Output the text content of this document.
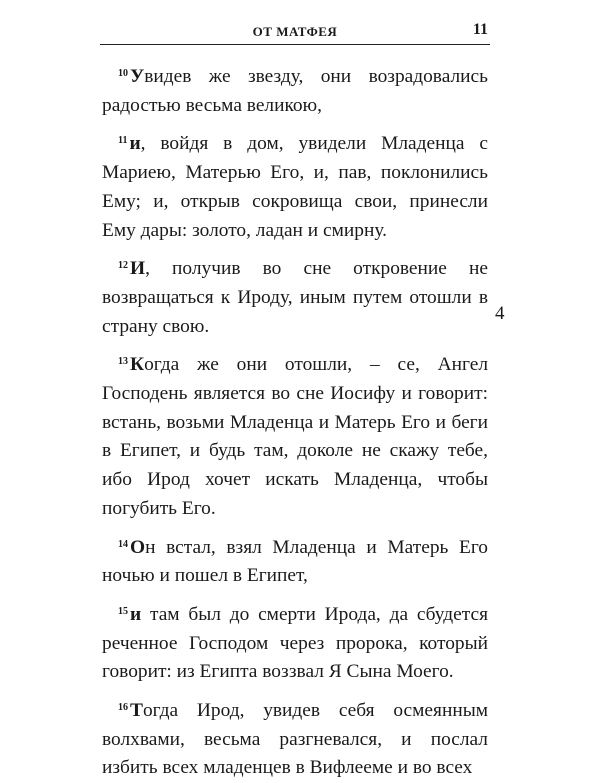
ОТ МАТФЕЯ	11

$^{10}$ Увидев же звезду, они возрадовались радостью весьма великою,

$^{11}$ и, войдя в дом, увидели Младенца с Мариею, Матерью Его, и, пав, поклонились Ему; и, открыв сокровища свои, принесли Ему дары: золото, ладан и смирну.

$^{12}$ И, получив во сне откровение не возвращаться к Ироду, иным путем отошли в страну свою.

$^{13}$ Когда же они отошли, – се, Ангел Господень является во сне Иосифу и говорит: встань, возьми Младенца и Матерь Его и беги в Египет, и будь там, доколе не скажу тебе, ибо Ирод хочет искать Младенца, чтобы погубить Его.

$^{14}$ Он встал, взял Младенца и Матерь Его ночью и пошел в Египет,

$^{15}$ и там был до смерти Ирода, да сбудется реченное Господом через пророка, который говорит: из Египта воззвал Я Сына Моего.

$^{16}$ Тогда Ирод, увидев себя осмеянным волхвами, весьма разгневался, и послал избить всех младенцев в Вифлееме и во всех

4
